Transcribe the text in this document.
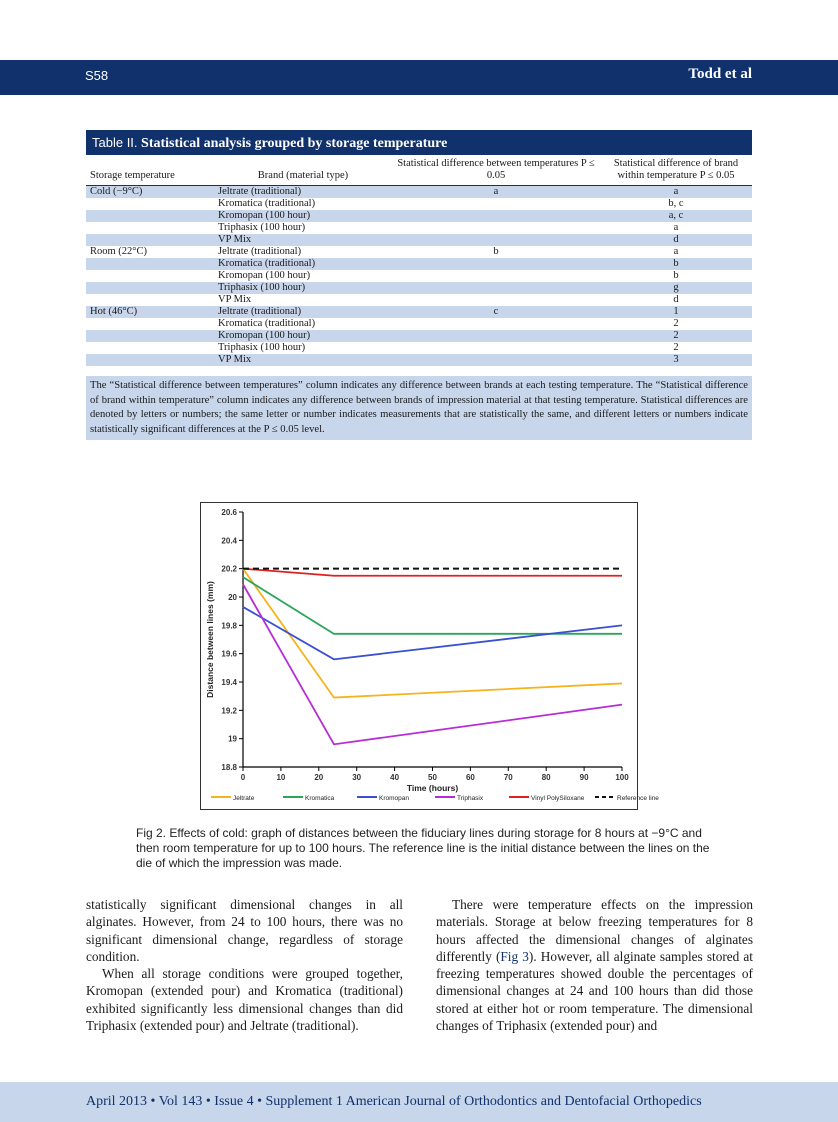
S58	Todd et al
Table II. Statistical analysis grouped by storage temperature
Storage temperature	Brand (material type)	Statistical difference between temperatures P ≤ 0.05	Statistical difference of brand within temperature P ≤ 0.05
Cold (−9°C)	Jeltrate (traditional)	a	a
	Kromatica (traditional)		b, c
	Kromopan (100 hour)		a, c
	Triphasix (100 hour)		a
	VP Mix		d
Room (22°C)	Jeltrate (traditional)	b	a
	Kromatica (traditional)		b
	Kromopan (100 hour)		b
	Triphasix (100 hour)		g
	VP Mix		d
Hot (46°C)	Jeltrate (traditional)	c	1
	Kromatica (traditional)		2
	Kromopan (100 hour)		2
	Triphasix (100 hour)		2
	VP Mix		3
The “Statistical difference between temperatures” column indicates any difference between brands at each testing temperature. The “Statistical difference of brand within temperature” column indicates any difference between brands of impression material at that testing temperature. Statistical differences are denoted by letters or numbers; the same letter or number indicates measurements that are statistically the same, and different letters or numbers indicate statistically significant differences at the P ≤ 0.05 level.
18.8
19
19.2
19.4
19.6
19.8
20
20.2
20.4
20.6
0	10	20	30	40	50	60	70	80	90	100
Time (hours)
Distance between lines (mm)
Jeltrate	Kromatica	Kromopan	Triphasix	Vinyl PolySiloxane	Reference line
Fig 2. Effects of cold: graph of distances between the fiduciary lines during storage for 8 hours at −9°C and then room temperature for up to 100 hours. The reference line is the initial distance between the lines on the die of which the impression was made.

statistically significant dimensional changes in all alginates. However, from 24 to 100 hours, there was no significant dimensional change, regardless of storage condition.

When all storage conditions were grouped together, Kromopan (extended pour) and Kromatica (traditional) exhibited significantly less dimensional changes than did Triphasix (extended pour) and Jeltrate (traditional).

There were temperature effects on the impression materials. Storage at below freezing temperatures for 8 hours affected the dimensional changes of alginates differently (Fig 3). However, all alginate samples stored at freezing temperatures showed double the percentages of dimensional changes at 24 and 100 hours than did those stored at either hot or room temperature. The dimensional changes of Triphasix (extended pour) and

April 2013 • Vol 143 • Issue 4 • Supplement 1 American Journal of Orthodontics and Dentofacial Orthopedics
